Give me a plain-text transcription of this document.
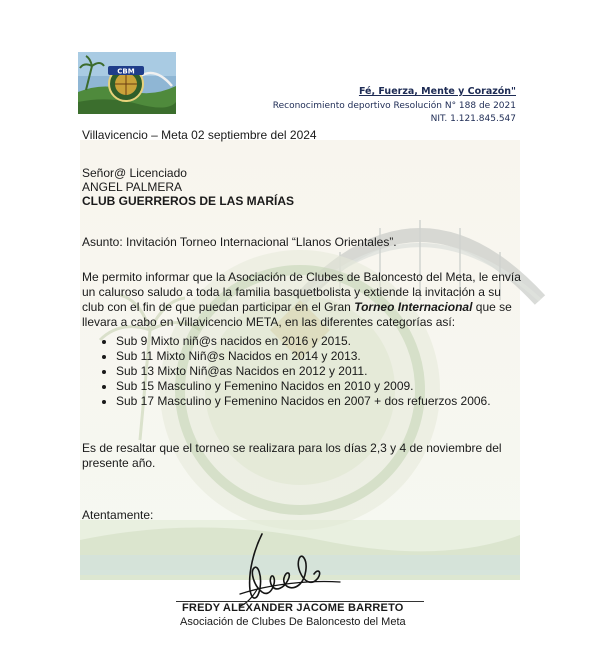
CBM
Fé, Fuerza, Mente y Corazón"
Reconocimiento deportivo Resolución N° 188 de 2021
NIT. 1.121.845.547
Villavicencio – Meta 02 septiembre del 2024
Señor@ Licenciado
ANGEL PALMERA
CLUB GUERREROS DE LAS MARÍAS
Asunto: Invitación Torneo Internacional “Llanos Orientales”.
Me permito informar que la Asociación de Clubes de Baloncesto del Meta, le envía un caluroso saludo a toda la familia basquetbolista y extiende la invitación a su club con el fin de que puedan participar en el Gran Torneo Internacional que se llevara a cabo en Villavicencio META, en las diferentes categorías así:
• Sub 9 Mixto niñ@s nacidos en 2016 y 2015.
• Sub 11 Mixto Niñ@s Nacidos en 2014 y 2013.
• Sub 13 Mixto Niñ@as Nacidos en 2012 y 2011.
• Sub 15 Masculino y Femenino Nacidos en 2010 y 2009.
• Sub 17 Masculino y Femenino Nacidos en 2007 + dos refuerzos 2006.
Es de resaltar que el torneo se realizara para los días 2,3 y 4 de noviembre del
presente año.
Atentamente:
FREDY ALEXANDER JACOME BARRETO
Asociación de Clubes De Baloncesto del Meta
